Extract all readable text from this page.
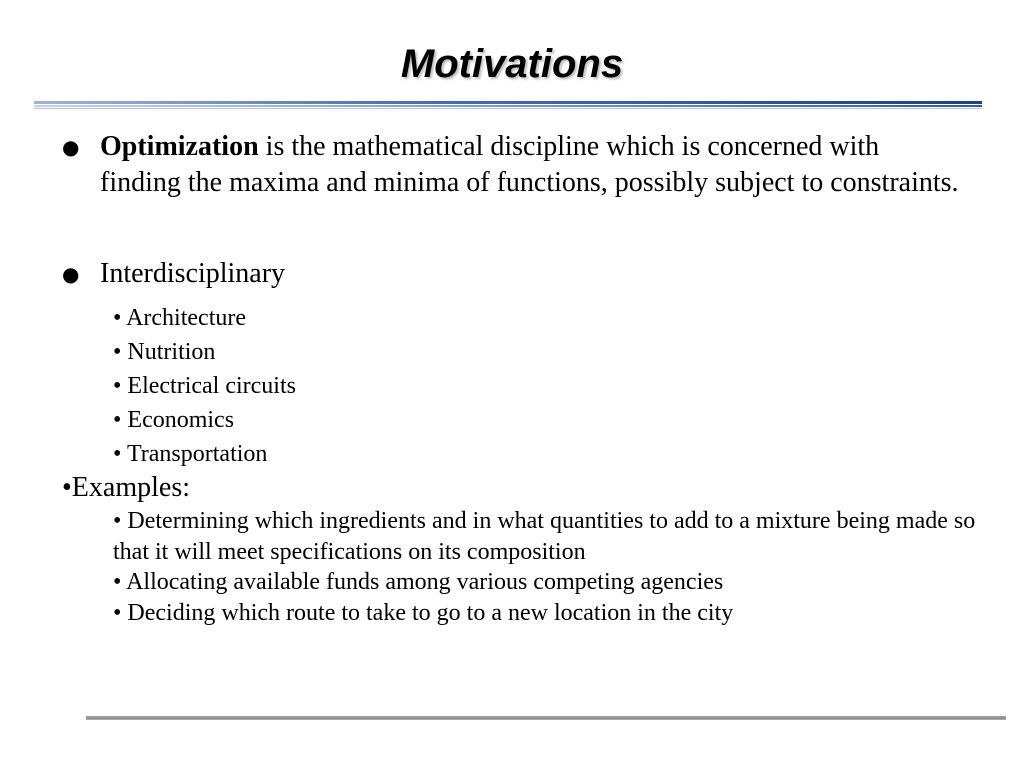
Motivations
● Optimization is the mathematical discipline which is concerned with finding the maxima and minima of functions, possibly subject to constraints.
● Interdisciplinary
• Architecture
• Nutrition
• Electrical circuits
• Economics
• Transportation
•Examples:
• Determining which ingredients and in what quantities to add to a mixture being made so that it will meet specifications on its composition
• Allocating available funds among various competing agencies
• Deciding which route to take to go to a new location in the city
